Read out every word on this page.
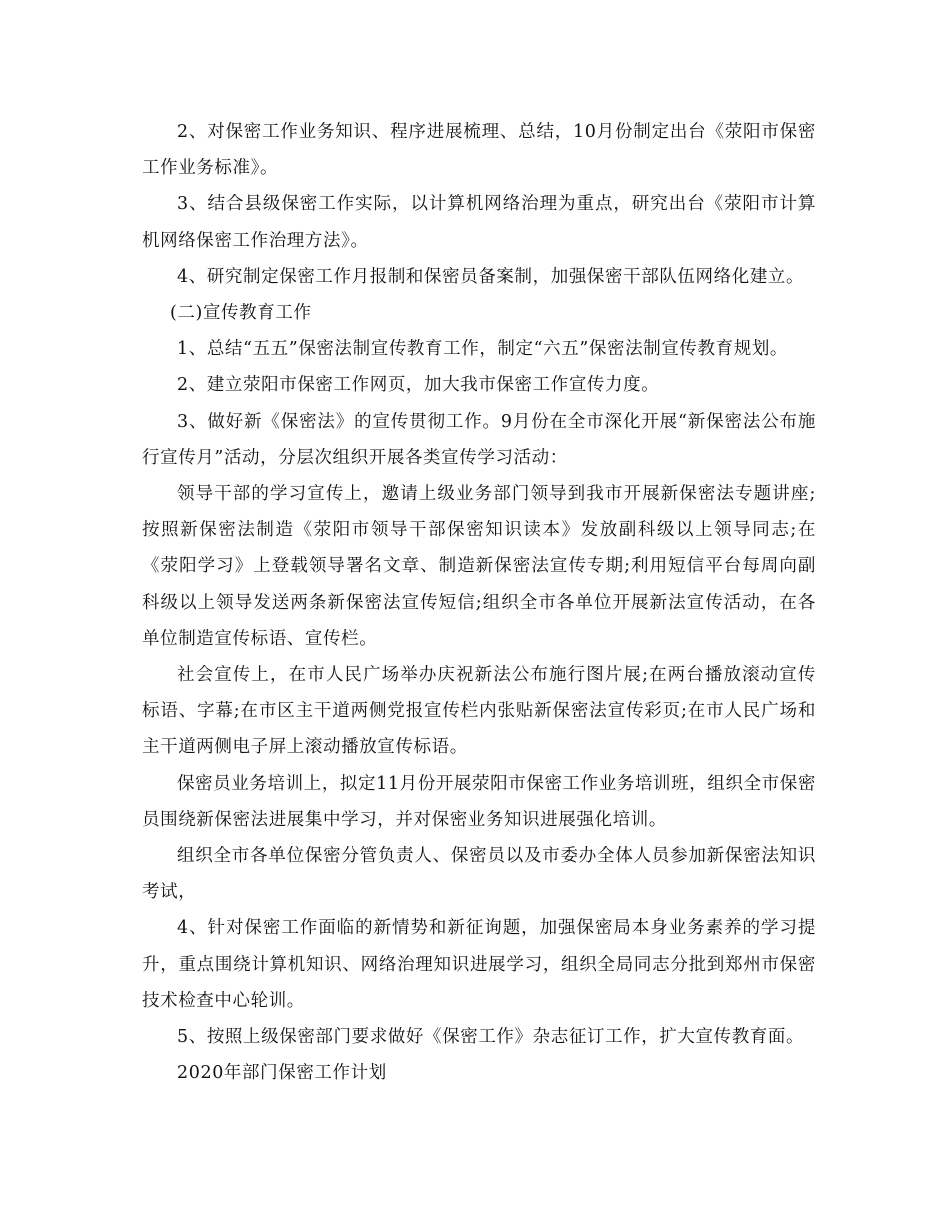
2、对保密工作业务知识、程序进展梳理、总结，10月份制定出台《荥阳市保密工作业务标准》。

3、结合县级保密工作实际，以计算机网络治理为重点，研究出台《荥阳市计算机网络保密工作治理方法》。

4、研究制定保密工作月报制和保密员备案制，加强保密干部队伍网络化建立。

(二)宣传教育工作

1、总结“五五”保密法制宣传教育工作，制定“六五”保密法制宣传教育规划。

2、建立荥阳市保密工作网页，加大我市保密工作宣传力度。

3、做好新《保密法》的宣传贯彻工作。9月份在全市深化开展“新保密法公布施行宣传月”活动，分层次组织开展各类宣传学习活动：

领导干部的学习宣传上，邀请上级业务部门领导到我市开展新保密法专题讲座;按照新保密法制造《荥阳市领导干部保密知识读本》发放副科级以上领导同志;在《荥阳学习》上登载领导署名文章、制造新保密法宣传专期;利用短信平台每周向副科级以上领导发送两条新保密法宣传短信;组织全市各单位开展新法宣传活动，在各单位制造宣传标语、宣传栏。

社会宣传上，在市人民广场举办庆祝新法公布施行图片展;在两台播放滚动宣传标语、字幕;在市区主干道两侧党报宣传栏内张贴新保密法宣传彩页;在市人民广场和主干道两侧电子屏上滚动播放宣传标语。

保密员业务培训上，拟定11月份开展荥阳市保密工作业务培训班，组织全市保密员围绕新保密法进展集中学习，并对保密业务知识进展强化培训。

组织全市各单位保密分管负责人、保密员以及市委办全体人员参加新保密法知识考试，

4、针对保密工作面临的新情势和新征询题，加强保密局本身业务素养的学习提升，重点围绕计算机知识、网络治理知识进展学习，组织全局同志分批到郑州市保密技术检查中心轮训。

5、按照上级保密部门要求做好《保密工作》杂志征订工作，扩大宣传教育面。

2020年部门保密工作计划
